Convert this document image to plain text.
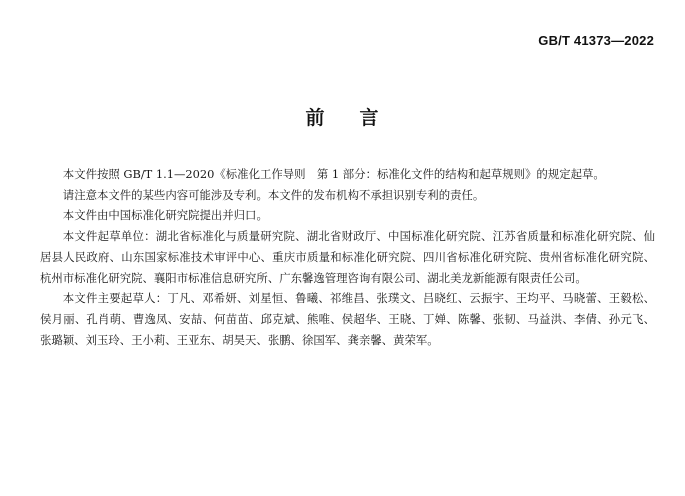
GB/T 41373—2022
前 言

本文件按照 GB/T 1.1—2020《标准化工作导则　第 1 部分：标准化文件的结构和起草规则》的规定起草。

请注意本文件的某些内容可能涉及专利。本文件的发布机构不承担识别专利的责任。

本文件由中国标准化研究院提出并归口。

本文件起草单位：湖北省标准化与质量研究院、湖北省财政厅、中国标准化研究院、江苏省质量和标准化研究院、仙居县人民政府、山东国家标准技术审评中心、重庆市质量和标准化研究院、四川省标准化研究院、贵州省标准化研究院、杭州市标准化研究院、襄阳市标准信息研究所、广东馨逸管理咨询有限公司、湖北美龙新能源有限责任公司。

本文件主要起草人：丁凡、邓希妍、刘星恒、鲁曦、祁维昌、张璞文、吕晓红、云振宇、王均平、马晓蕾、王毅松、侯月丽、孔肖萌、曹逸凤、安喆、何苗苗、邱克斌、熊唯、侯超华、王晓、丁婵、陈馨、张韧、马益洪、李倩、孙元飞、张璐颖、刘玉玲、王小莉、王亚东、胡昊天、张鹏、徐国军、龚亲馨、黄荣军。
